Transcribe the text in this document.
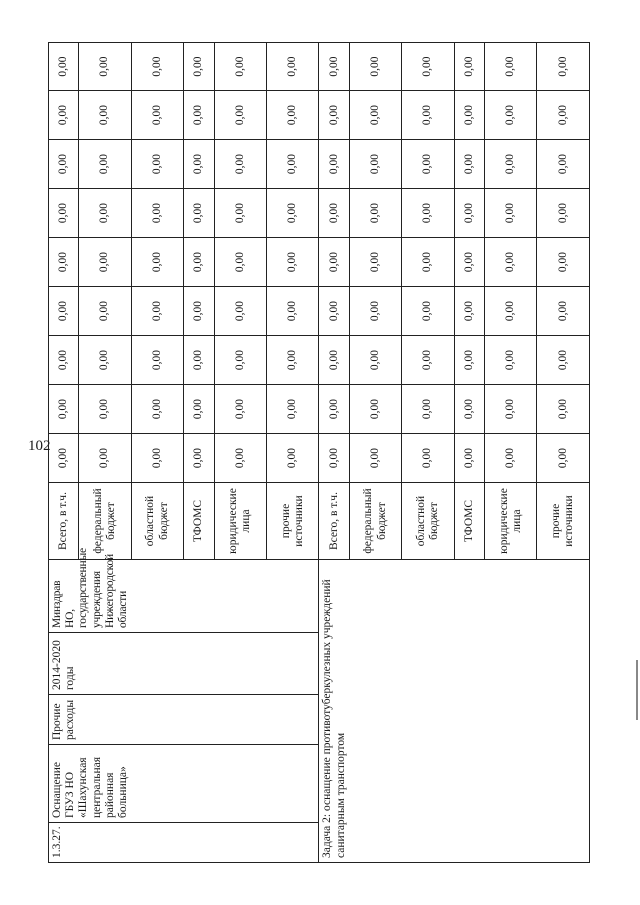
102
1.3.27.	Оснащение ГБУЗ НО «Шахунская центральная районная больница»	Прочие расходы	2014-2020 годы	Минздрав НО, государственные учреждения Нижегородской области	Всего, в т.ч.	0,00	0,00	0,00	0,00	0,00	0,00	0,00	0,00	0,00
					федеральный бюджет	0,00	0,00	0,00	0,00	0,00	0,00	0,00	0,00	0,00
					областной бюджет	0,00	0,00	0,00	0,00	0,00	0,00	0,00	0,00	0,00
					ТФОМС	0,00	0,00	0,00	0,00	0,00	0,00	0,00	0,00	0,00
					юридические лица	0,00	0,00	0,00	0,00	0,00	0,00	0,00	0,00	0,00
					прочие источники	0,00	0,00	0,00	0,00	0,00	0,00	0,00	0,00	0,00
Задача 2: оснащение противотуберкулезных учреждений санитарным транспортом					Всего, в т.ч.	0,00	0,00	0,00	0,00	0,00	0,00	0,00	0,00	0,00
					федеральный бюджет	0,00	0,00	0,00	0,00	0,00	0,00	0,00	0,00	0,00
					областной бюджет	0,00	0,00	0,00	0,00	0,00	0,00	0,00	0,00	0,00
					ТФОМС	0,00	0,00	0,00	0,00	0,00	0,00	0,00	0,00	0,00
					юридические лица	0,00	0,00	0,00	0,00	0,00	0,00	0,00	0,00	0,00
					прочие источники	0,00	0,00	0,00	0,00	0,00	0,00	0,00	0,00	0,00
